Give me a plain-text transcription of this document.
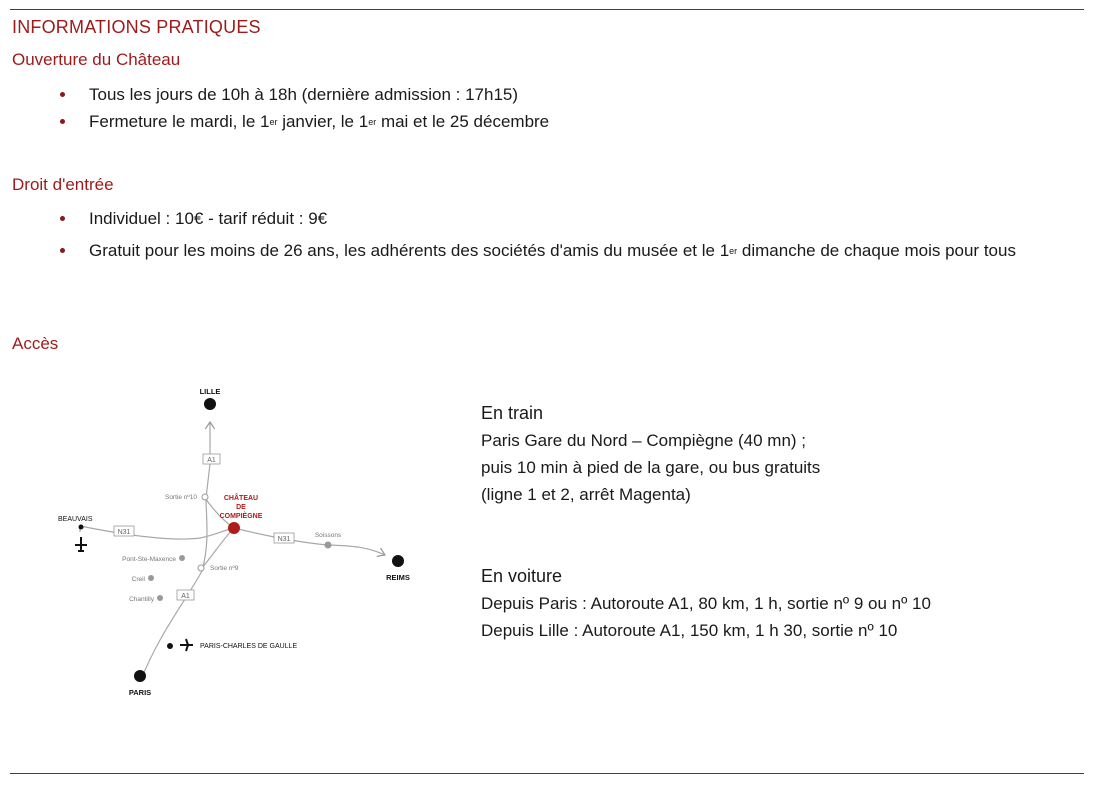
INFORMATIONS PRATIQUES
Ouverture du Château
Tous les jours de 10h à 18h (dernière admission : 17h15)
Fermeture le mardi, le 1er janvier, le 1er mai et le 25 décembre
Droit d'entrée
Individuel : 10€ - tarif réduit : 9€
Gratuit pour les moins de 26 ans, les adhérents des sociétés d'amis du musée et le 1er dimanche de chaque mois pour tous
Accès
LILLE
A1
Sortie nº10	CHÂTEAU
DE
COMPIÈGNE
BEAUVAIS
N31
N31
Soissons
REIMS
Pont-Ste-Maxence
Sortie nº9
Creil
Chantilly	A1
PARIS-CHARLES DE GAULLE
PARIS
En train
Paris Gare du Nord – Compiègne (40 mn) ;
puis 10 min à pied de la gare, ou bus gratuits
(ligne 1 et 2, arrêt Magenta)
En voiture
Depuis Paris : Autoroute A1, 80 km, 1 h, sortie nº 9 ou nº 10
Depuis Lille : Autoroute A1, 150 km, 1 h 30, sortie nº 10
